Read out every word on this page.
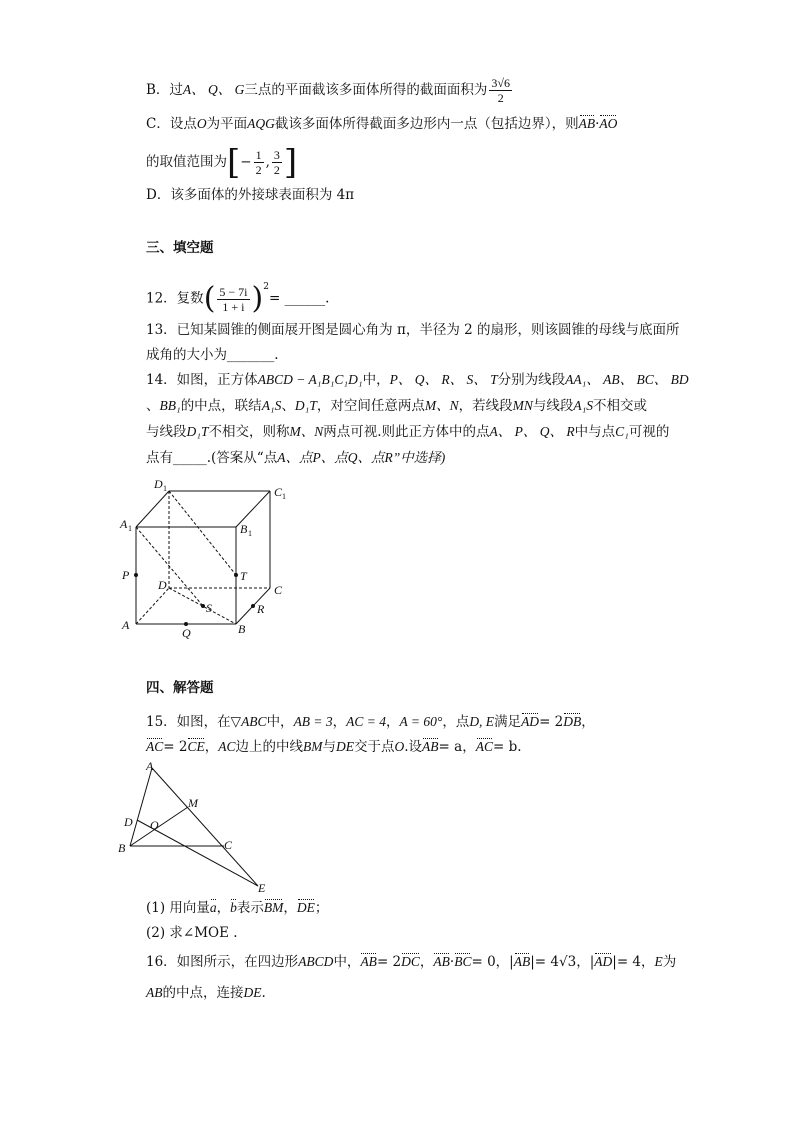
B．过A、 Q、 G三点的平面截该多面体所得的截面面积为 $\frac{3√6}{2}$
C．设点O为平面AQG截该多面体所得截面多边形内一点（包括边界），则AB·AO
的取值范围为[− $\frac{1}{2}$ , $\frac{3}{2}$ ]
D．该多面体的外接球表面积为 4π
三、填空题
12．复数( $\frac{5 - 7i}{1 + i} )^2=$ ______.
13．已知某圆锥的侧面展开图是圆心角为 π，半径为 2 的扇形，则该圆锥的母线与底面所
成角的大小为_______.
14．如图，正方体ABCD − A₁B₁C₁D₁中，P、 Q、 R、 S、 T分别为线段AA₁、 AB、 BC、 BD
、BB₁的中点，联结A₁S、D₁T，对空间任意两点M、N，若线段MN与线段A₁S不相交或
与线段D₁T不相交，则称M、N两点可视.则此正方体中的点A、 P、 Q、 R中与点C₁可视的
点有_____.(答案从“点A、点P、点Q、点R”中选择)
D 1	C 1
A 1	B 1
P
D
T
C
S	R
A
Q	B
四、解答题
15．如图，在▽ABC中，AB = 3，AC = 4，A = 60°，点D, E满足AD= 2DB，
AC= 2CE，AC边上的中线BM与DE交于点O.设AB= a，AC= b.
A
M
D O
B	C
E
(1) 用向量a，b表示BM，DE；
(2) 求∠MOE .
16．如图所示，在四边形ABCD中，AB= 2DC，AB·BC= 0，|AB|= 4√3，|AD|= 4，E为
AB的中点，连接DE.
